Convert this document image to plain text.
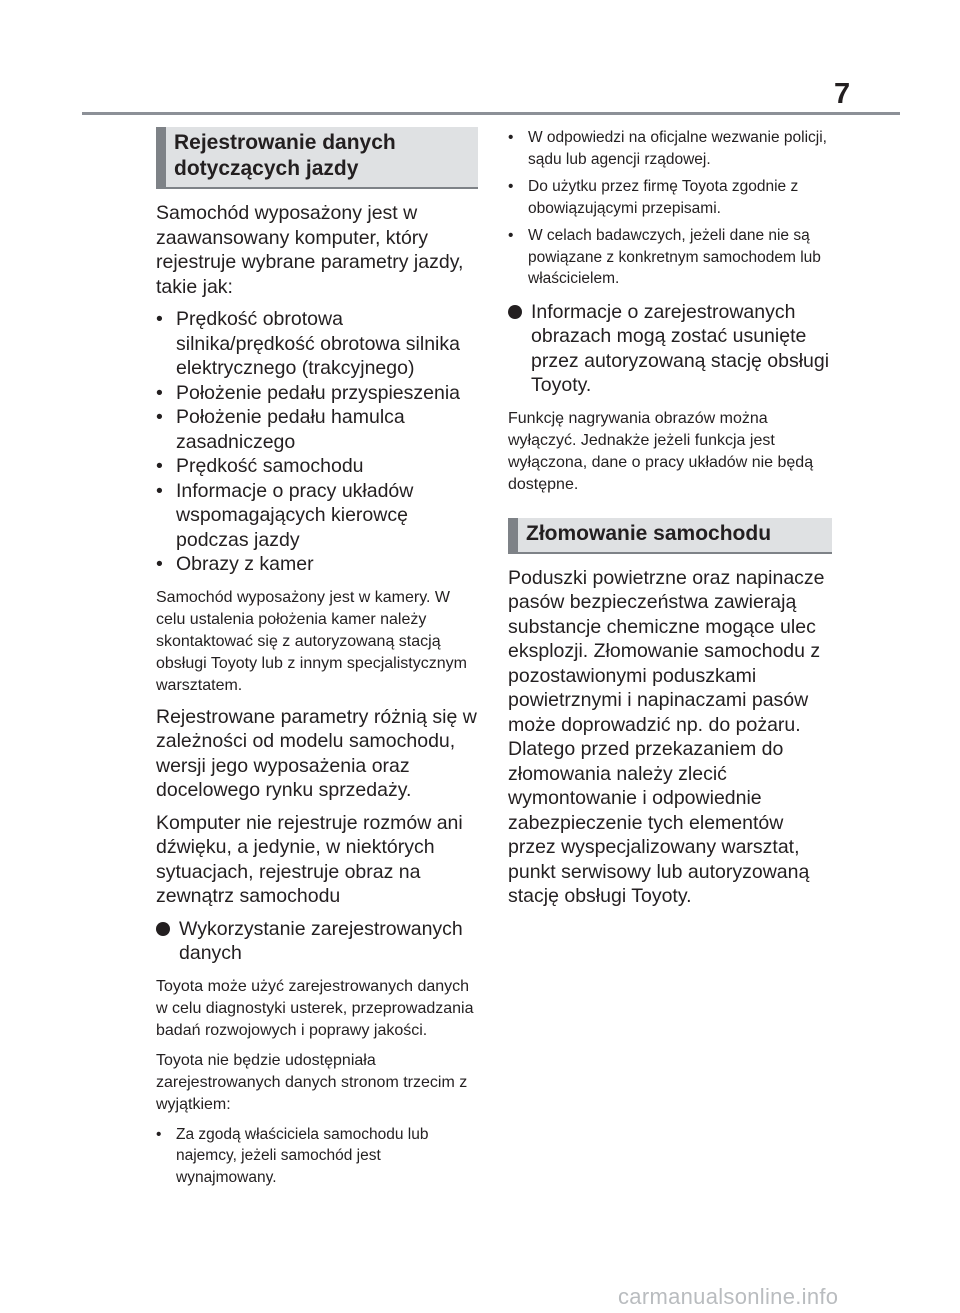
7
Rejestrowanie danych
dotyczących jazdy

Samochód wyposażony jest w zaawansowany komputer, który rejestruje wybrane parametry jazdy, takie jak:

• Prędkość obrotowa silnika/prędkość obrotowa silnika elektrycznego (trakcyjnego)
• Położenie pedału przyspieszenia
• Położenie pedału hamulca zasadniczego
• Prędkość samochodu
• Informacje o pracy układów wspomagających kierowcę podczas jazdy
• Obrazy z kamer

Samochód wyposażony jest w kamery. W celu ustalenia położenia kamer należy skontaktować się z autoryzowaną stacją obsługi Toyoty lub z innym specjalistycznym warsztatem.

Rejestrowane parametry różnią się w zależności od modelu samochodu, wersji jego wyposażenia oraz docelowego rynku sprzedaży.

Komputer nie rejestruje rozmów ani dźwięku, a jedynie, w niektórych sytuacjach, rejestruje obraz na zewnątrz samochodu

Wykorzystanie zarejestrowanych danych

Toyota może użyć zarejestrowanych danych w celu diagnostyki usterek, przeprowadzania badań rozwojowych i poprawy jakości.

Toyota nie będzie udostępniała zarejestrowanych danych stronom trzecim z wyjątkiem:

• Za zgodą właściciela samochodu lub najemcy, jeżeli samochód jest wynajmowany.
• W odpowiedzi na oficjalne wezwanie policji, sądu lub agencji rządowej.
• Do użytku przez firmę Toyota zgodnie z obowiązującymi przepisami.
• W celach badawczych, jeżeli dane nie są powiązane z konkretnym samochodem lub właścicielem.
Informacje o zarejestrowanych obrazach mogą zostać usunięte przez autoryzowaną stację obsługi Toyoty.

Funkcję nagrywania obrazów można wyłączyć. Jednakże jeżeli funkcja jest wyłączona, dane o pracy układów nie będą dostępne.

Złomowanie samochodu

Poduszki powietrzne oraz napinacze pasów bezpieczeństwa zawierają substancje chemiczne mogące ulec eksplozji. Złomowanie samochodu z pozostawionymi poduszkami powietrznymi i napinaczami pasów może doprowadzić np. do pożaru. Dlatego przed przekazaniem do złomowania należy zlecić wymontowanie i odpowiednie zabezpieczenie tych elementów przez wyspecjalizowany warsztat, punkt serwisowy lub autoryzowaną stację obsługi Toyoty.

carmanualsonline.info
